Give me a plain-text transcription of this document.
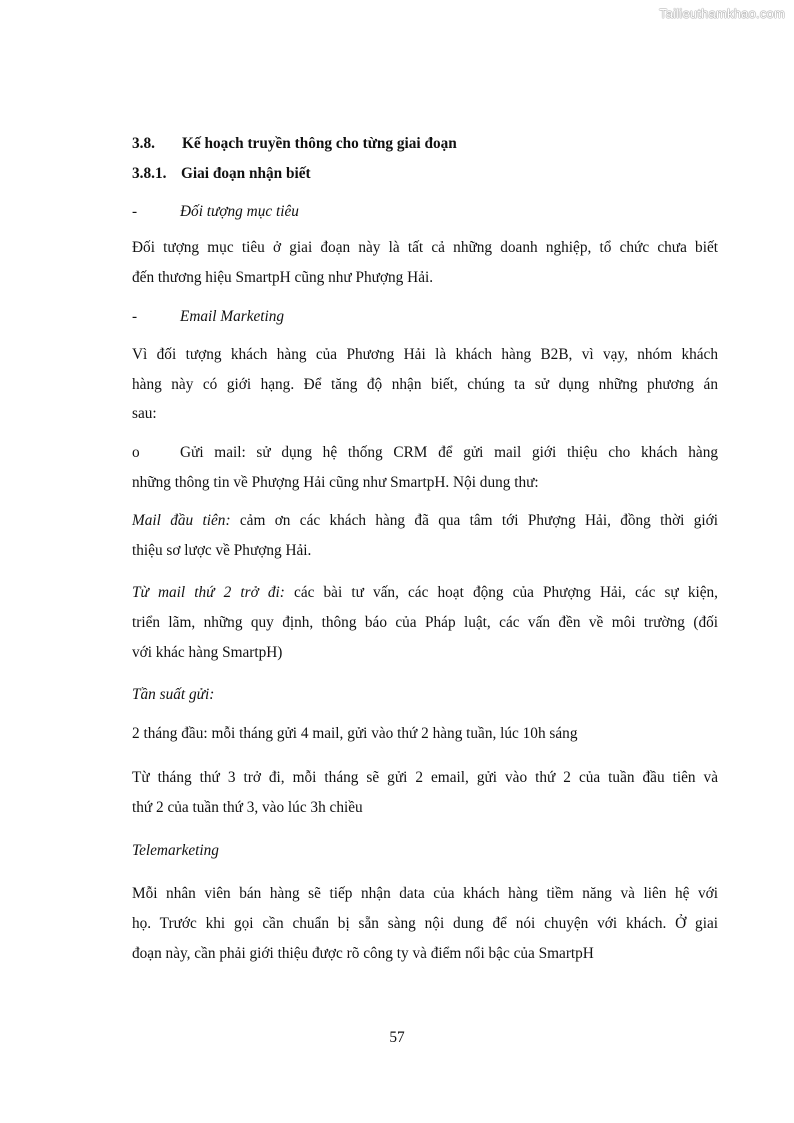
Tailieuthamkhao.com
3.8. Kế hoạch truyền thông cho từng giai đoạn
3.8.1. Giai đoạn nhận biết
-	Đối tượng mục tiêu
Đối tượng mục tiêu ở giai đoạn này là tất cả những doanh nghiệp, tổ chức chưa biết
đến thương hiệu SmartpH cũng như Phượng Hải.
-	Email Marketing
Vì đối tượng khách hàng của Phương Hải là khách hàng B2B, vì vạy, nhóm khách
hàng này có giới hạng. Để tăng độ nhận biết, chúng ta sử dụng những phương án
sau:
o	Gửi mail: sử dụng hệ thống CRM để gửi mail giới thiệu cho khách hàng
những thông tin về Phượng Hải cũng như SmartpH. Nội dung thư:
Mail đầu tiên: cảm ơn các khách hàng đã qua tâm tới Phượng Hải, đồng thời giới
thiệu sơ lược về Phượng Hải.
Từ mail thứ 2 trở đi: các bài tư vấn, các hoạt động của Phượng Hải, các sự kiện,
triển lãm, những quy định, thông báo của Pháp luật, các vấn đền về môi trường (đối
với khác hàng SmartpH)
Tần suất gửi:
2 tháng đầu: mỗi tháng gửi 4 mail, gửi vào thứ 2 hàng tuần, lúc 10h sáng
Từ tháng thứ 3 trở đi, mỗi tháng sẽ gửi 2 email, gửi vào thứ 2 của tuần đầu tiên và
thứ 2 của tuần thứ 3, vào lúc 3h chiều
Telemarketing
Mỗi nhân viên bán hàng sẽ tiếp nhận data của khách hàng tiềm năng và liên hệ với
họ. Trước khi gọi cần chuẩn bị sẵn sàng nội dung để nói chuyện với khách. Ở giai
đoạn này, cần phải giới thiệu được rõ công ty và điểm nổi bậc của SmartpH
57
